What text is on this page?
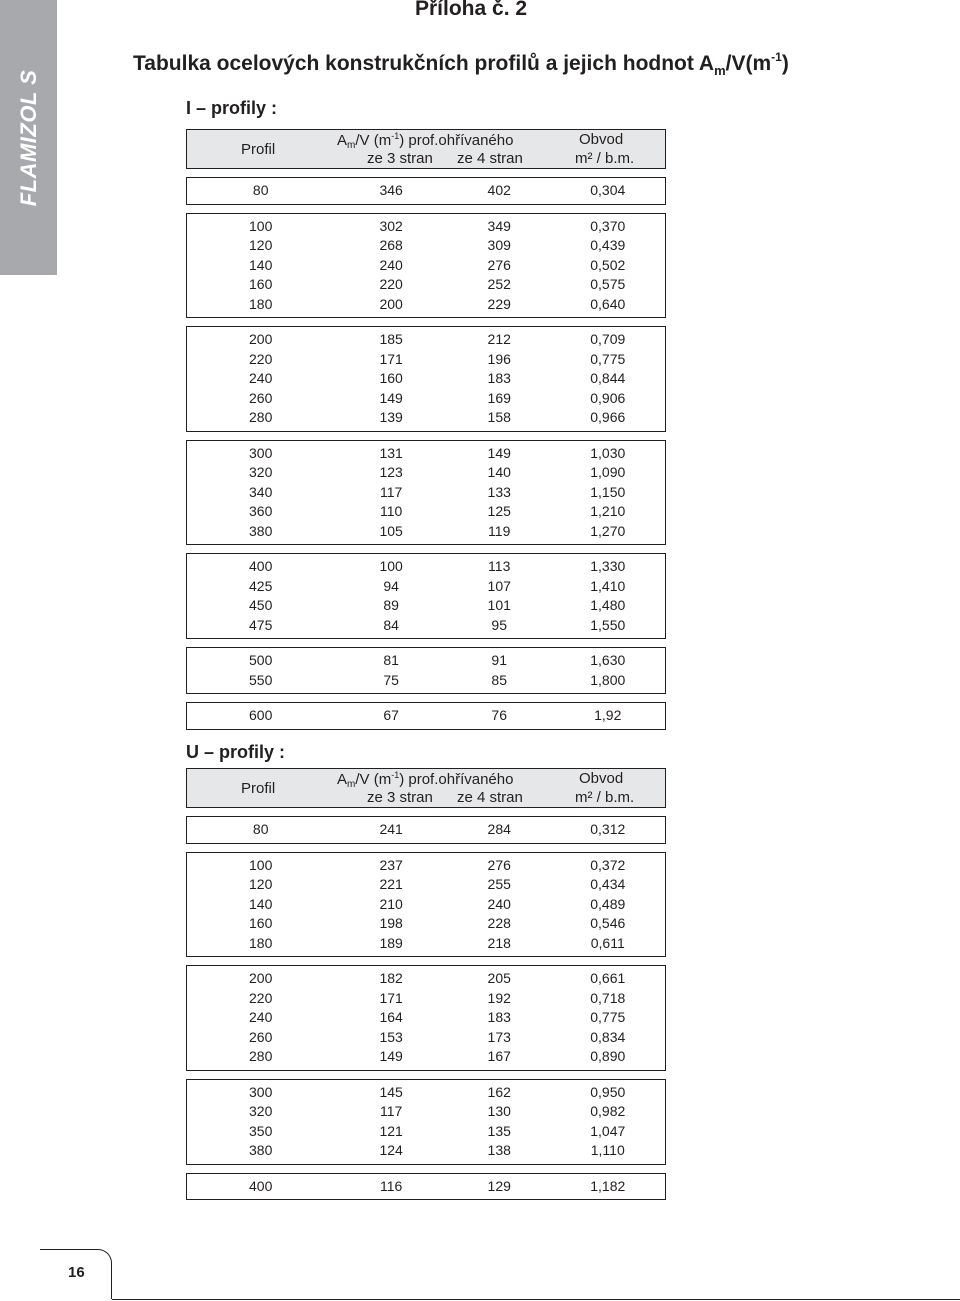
FLAMIZOL S
Příloha č. 2
Tabulka ocelových konstrukčních profilů a jejich hodnot $A_m/V(m^{-1})$
I – profily :
Profil
$A_m/V$ $(m^{-1})$ prof.ohřívaného
ze 3 stran ze 4 stran
Obvod
m² / b.m.
80	346	402	0,304
100	302	349	0,370
120	268	309	0,439
140	240	276	0,502
160	220	252	0,575
180	200	229	0,640
200	185	212	0,709
220	171	196	0,775
240	160	183	0,844
260	149	169	0,906
280	139	158	0,966
300	131	149	1,030
320	123	140	1,090
340	117	133	1,150
360	110	125	1,210
380	105	119	1,270
400	100	113	1,330
425	94	107	1,410
450	89	101	1,480
475	84	95	1,550
500	81	91	1,630
550	75	85	1,800
600	67	76	1,92
U – profily :
Profil
$A_m/V$ $(m^{-1})$ prof.ohřívaného
ze 3 stran ze 4 stran
Obvod
m² / b.m.
80	241	284	0,312
100	237	276	0,372
120	221	255	0,434
140	210	240	0,489
160	198	228	0,546
180	189	218	0,611
200	182	205	0,661
220	171	192	0,718
240	164	183	0,775
260	153	173	0,834
280	149	167	0,890
300	145	162	0,950
320	117	130	0,982
350	121	135	1,047
380	124	138	1,110
400	116	129	1,182
16
